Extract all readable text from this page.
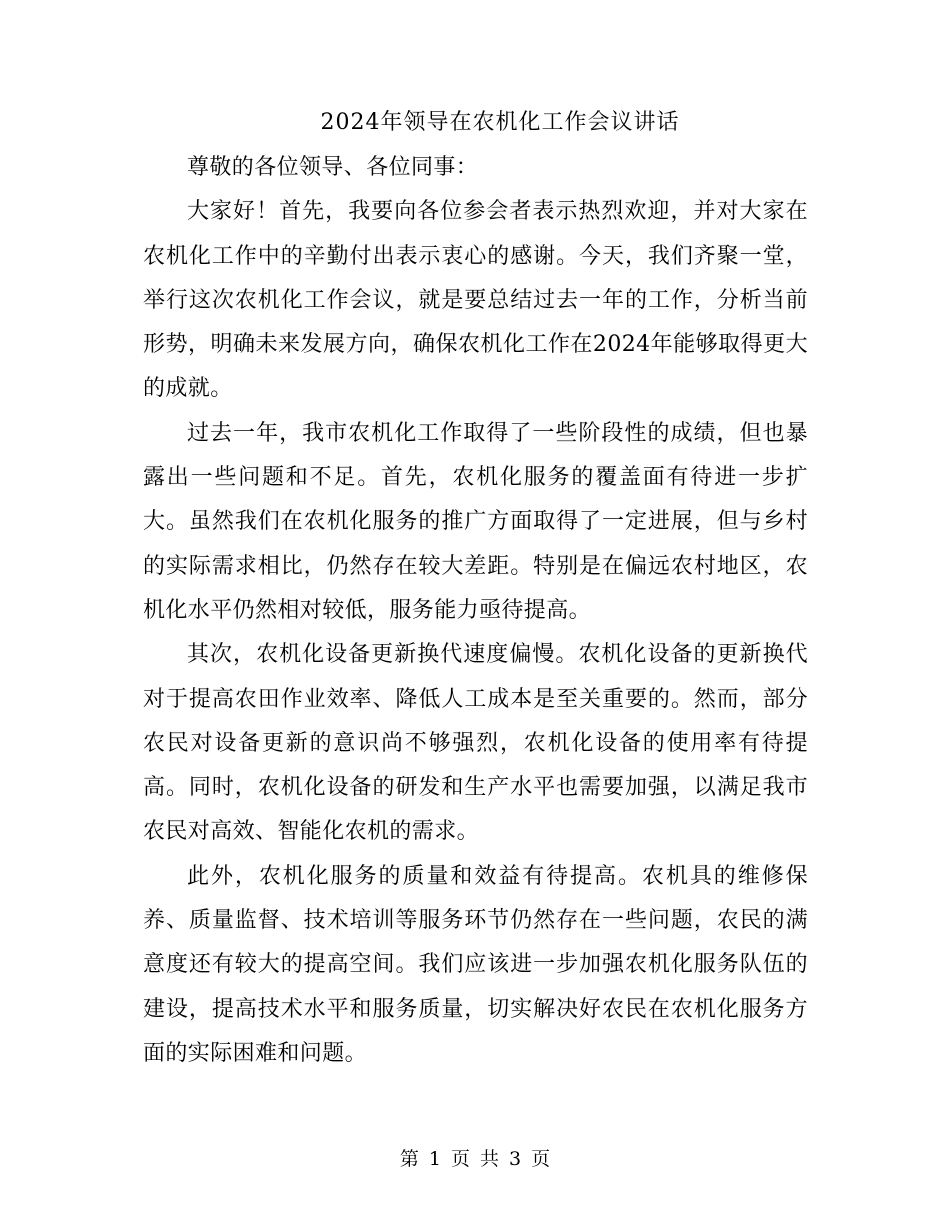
2024年领导在农机化工作会议讲话

尊敬的各位领导、各位同事：

大家好！首先，我要向各位参会者表示热烈欢迎，并对大家在农机化工作中的辛勤付出表示衷心的感谢。今天，我们齐聚一堂，举行这次农机化工作会议，就是要总结过去一年的工作，分析当前形势，明确未来发展方向，确保农机化工作在2024年能够取得更大的成就。

过去一年，我市农机化工作取得了一些阶段性的成绩，但也暴露出一些问题和不足。首先，农机化服务的覆盖面有待进一步扩大。虽然我们在农机化服务的推广方面取得了一定进展，但与乡村的实际需求相比，仍然存在较大差距。特别是在偏远农村地区，农机化水平仍然相对较低，服务能力亟待提高。

其次，农机化设备更新换代速度偏慢。农机化设备的更新换代对于提高农田作业效率、降低人工成本是至关重要的。然而，部分农民对设备更新的意识尚不够强烈，农机化设备的使用率有待提高。同时，农机化设备的研发和生产水平也需要加强，以满足我市农民对高效、智能化农机的需求。

此外，农机化服务的质量和效益有待提高。农机具的维修保养、质量监督、技术培训等服务环节仍然存在一些问题，农民的满意度还有较大的提高空间。我们应该进一步加强农机化服务队伍的建设，提高技术水平和服务质量，切实解决好农民在农机化服务方面的实际困难和问题。

第 1 页 共 3 页
